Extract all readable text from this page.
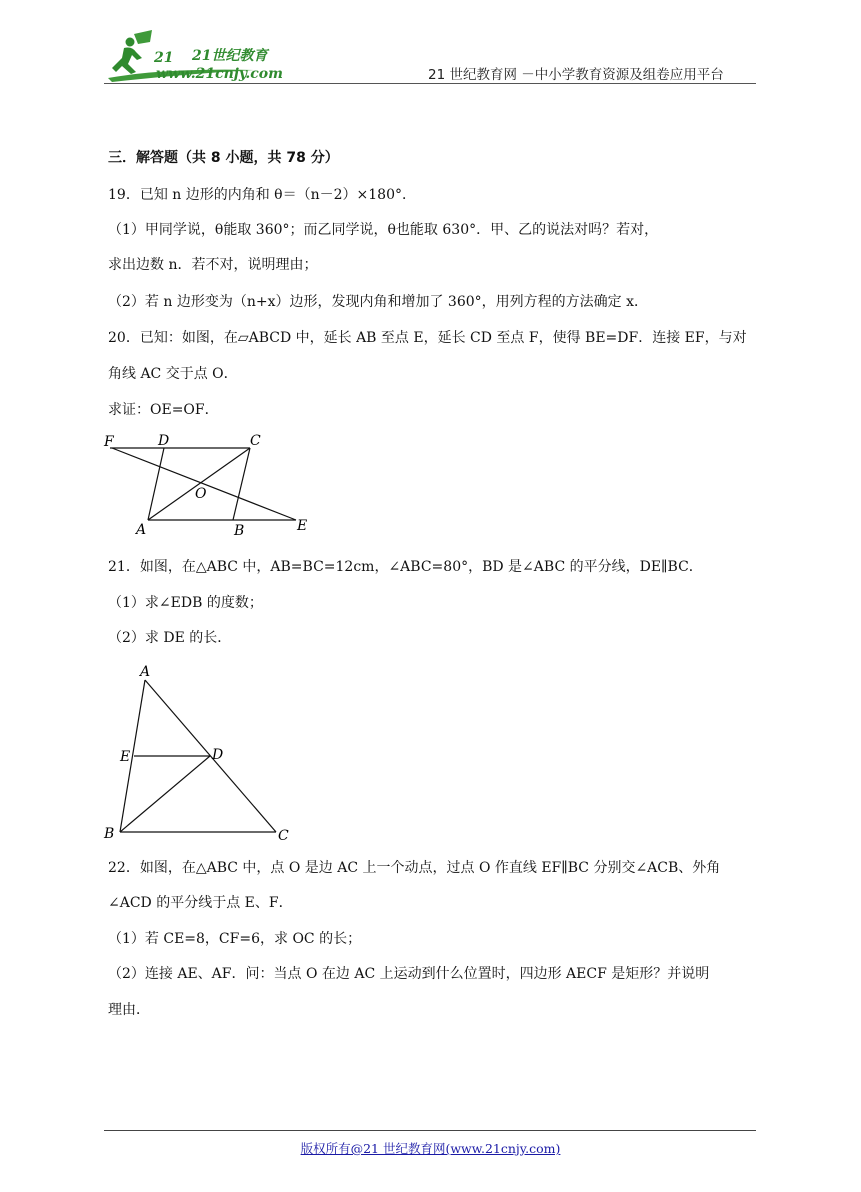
21 21世纪教育
www.21cnjy.com	21 世纪教育网 －中小学教育资源及组卷应用平台
三．解答题（共 8 小题，共 78 分）
19．已知 n 边形的内角和 θ＝（n－2）×180°．
（1）甲同学说，θ能取 360°；而乙同学说，θ也能取 630°．甲、乙的说法对吗？若对，
求出边数 n．若不对，说明理由；
（2）若 n 边形变为（n+x）边形，发现内角和增加了 360°，用列方程的方法确定 x．
20．已知：如图，在▱ABCD 中，延长 AB 至点 E，延长 CD 至点 F，使得 BE=DF．连接 EF，与对
角线 AC 交于点 O．
求证：OE=OF．
F	D	C
O
A	B	E
21．如图，在△ABC 中，AB=BC=12cm，∠ABC=80°，BD 是∠ABC 的平分线，DE∥BC．
（1）求∠EDB 的度数；
（2）求 DE 的长．
A
E	D
B	C
22．如图，在△ABC 中，点 O 是边 AC 上一个动点，过点 O 作直线 EF∥BC 分别交∠ACB、外角
∠ACD 的平分线于点 E、F．
（1）若 CE=8，CF=6，求 OC 的长；
（2）连接 AE、AF．问：当点 O 在边 AC 上运动到什么位置时，四边形 AECF 是矩形？并说明
理由．
版权所有@21 世纪教育网(www.21cnjy.com)
